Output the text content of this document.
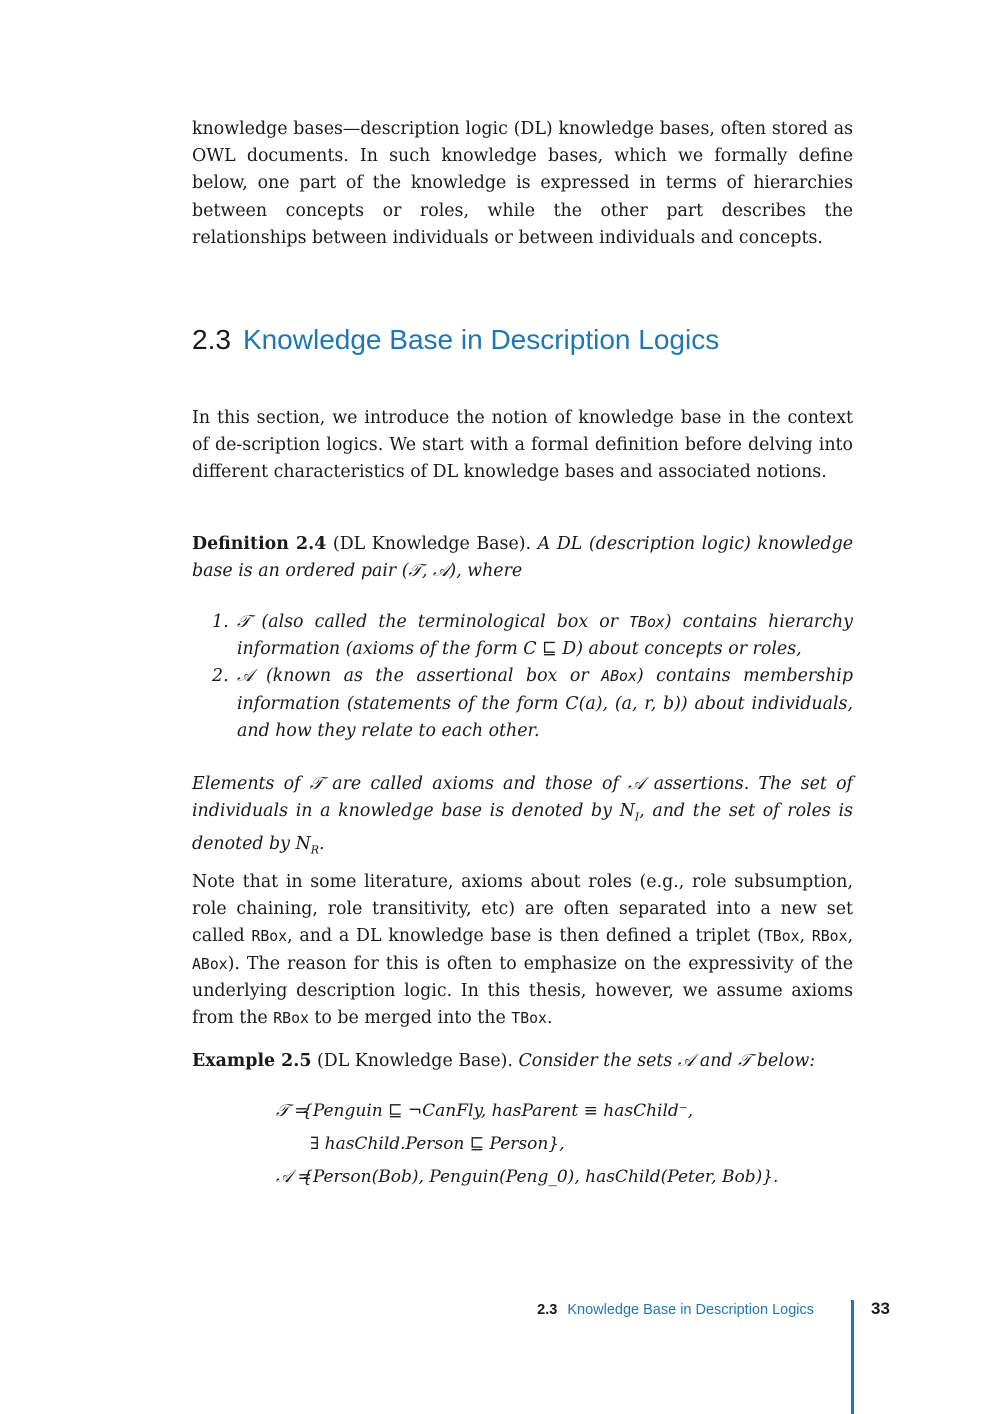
knowledge bases—description logic (DL) knowledge bases, often stored as OWL documents. In such knowledge bases, which we formally define below, one part of the knowledge is expressed in terms of hierarchies between concepts or roles, while the other part describes the relationships between individuals or between individuals and concepts.

2.3 Knowledge Base in Description Logics

In this section, we introduce the notion of knowledge base in the context of de-scription logics. We start with a formal definition before delving into different characteristics of DL knowledge bases and associated notions.

Definition 2.4 (DL Knowledge Base). A DL (description logic) knowledge base is an ordered pair (𝒯, 𝒜), where

1. 𝒯 (also called the terminological box or TBox) contains hierarchy information (axioms of the form C ⊑ D) about concepts or roles,
2. 𝒜 (known as the assertional box or ABox) contains membership information (statements of the form C(a), (a, r, b)) about individuals, and how they relate to each other.

Elements of 𝒯 are called axioms and those of 𝒜 assertions. The set of individuals in a knowledge base is denoted by $N_I$, and the set of roles is denoted by $N_R$.

Note that in some literature, axioms about roles (e.g., role subsumption, role chaining, role transitivity, etc) are often separated into a new set called RBox, and a DL knowledge base is then defined a triplet (TBox, RBox, ABox). The reason for this is often to emphasize on the expressivity of the underlying description logic. In this thesis, however, we assume axioms from the RBox to be merged into the TBox.

Example 2.5 (DL Knowledge Base). Consider the sets 𝒜 and 𝒯 below:

𝒯 =
{Penguin ⊑ ¬CanFly, hasParent ≡ hasChild⁻,
∃ hasChild.Person ⊑ Person},
𝒜 =
{Person(Bob), Penguin(Peng_0), hasChild(Peter, Bob)}.
2.3 Knowledge Base in Description Logics	33
